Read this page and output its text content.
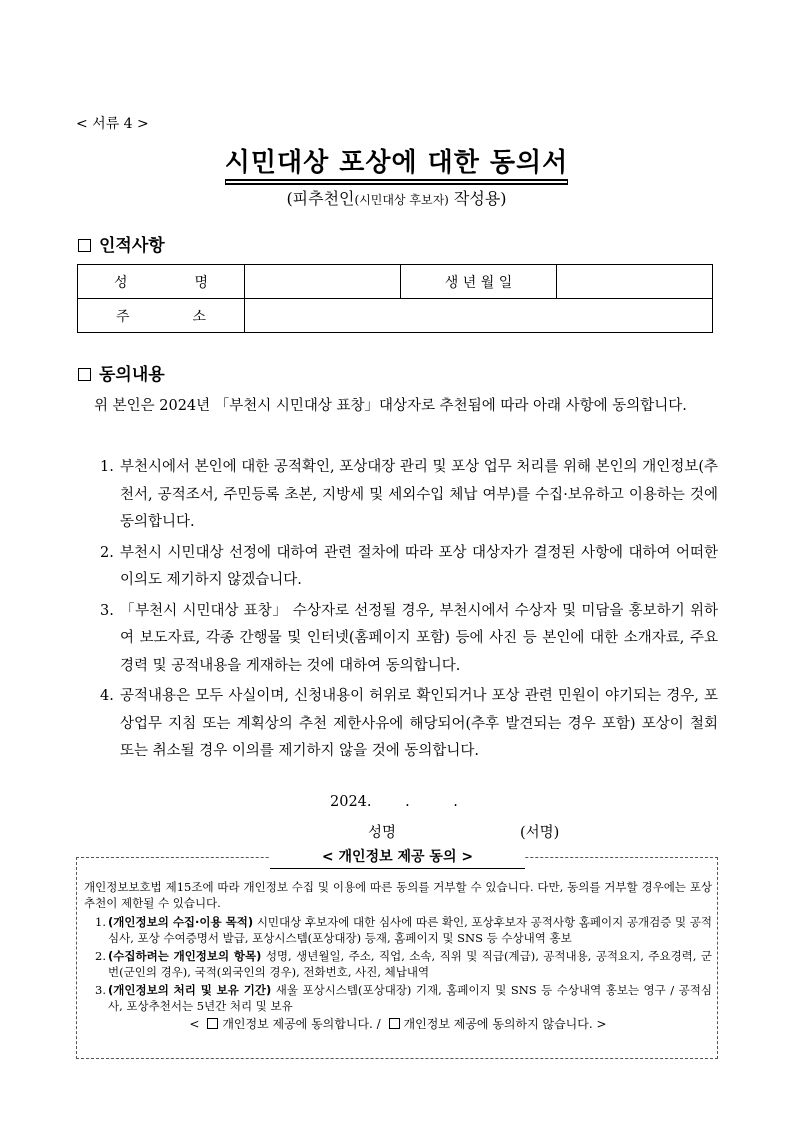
< 서류 4 >
시민대상 포상에 대한 동의서
(피추천인(시민대상 후보자) 작성용)
인적사항
성 명		생 년 월 일	

주 소			

동의내용
위 본인은 2024년 「부천시 시민대상 표창」대상자로 추천됨에 따라 아래 사항에 동의합니다.
1. 부천시에서 본인에 대한 공적확인, 포상대장 관리 및 포상 업무 처리를 위해 본인의 개인정보(추천서, 공적조서, 주민등록 초본, 지방세 및 세외수입 체납 여부)를 수집·보유하고 이용하는 것에 동의합니다.
2. 부천시 시민대상 선정에 대하여 관련 절차에 따라 포상 대상자가 결정된 사항에 대하여 어떠한 이의도 제기하지 않겠습니다.
3. 「부천시 시민대상 표창」 수상자로 선정될 경우, 부천시에서 수상자 및 미담을 홍보하기 위하여 보도자료, 각종 간행물 및 인터넷(홈페이지 포함) 등에 사진 등 본인에 대한 소개자료, 주요경력 및 공적내용을 게재하는 것에 대하여 동의합니다.
4. 공적내용은 모두 사실이며, 신청내용이 허위로 확인되거나 포상 관련 민원이 야기되는 경우, 포상업무 지침 또는 계획상의 추천 제한사유에 해당되어(추후 발견되는 경우 포함) 포상이 철회 또는 취소될 경우 이의를 제기하지 않을 것에 동의합니다.
2024.　　 .　　　.
성명	(서명)
< 개인정보 제공 동의 >

개인정보보호법 제15조에 따라 개인정보 수집 및 이용에 따른 동의를 거부할 수 있습니다. 다만, 동의를 거부할 경우에는 포상 추천이 제한될 수 있습니다.

1. (개인정보의 수집·이용 목적) 시민대상 후보자에 대한 심사에 따른 확인, 포상후보자 공적사항 홈페이지 공개검증 및 공적심사, 포상 수여증명서 발급, 포상시스템(포상대장) 등재, 홈페이지 및 SNS 등 수상내역 홍보
2. (수집하려는 개인정보의 항목) 성명, 생년월일, 주소, 직업, 소속, 직위 및 직급(계급), 공적내용, 공적요지, 주요경력, 군번(군인의 경우), 국적(외국인의 경우), 전화번호, 사진, 체납내역
3. (개인정보의 처리 및 보유 기간) 새울 포상시스템(포상대장) 기재, 홈페이지 및 SNS 등 수상내역 홍보는 영구 / 공적심사, 포상추천서는 5년간 처리 및 보유
< 개인정보 제공에 동의합니다. / 개인정보 제공에 동의하지 않습니다. >
